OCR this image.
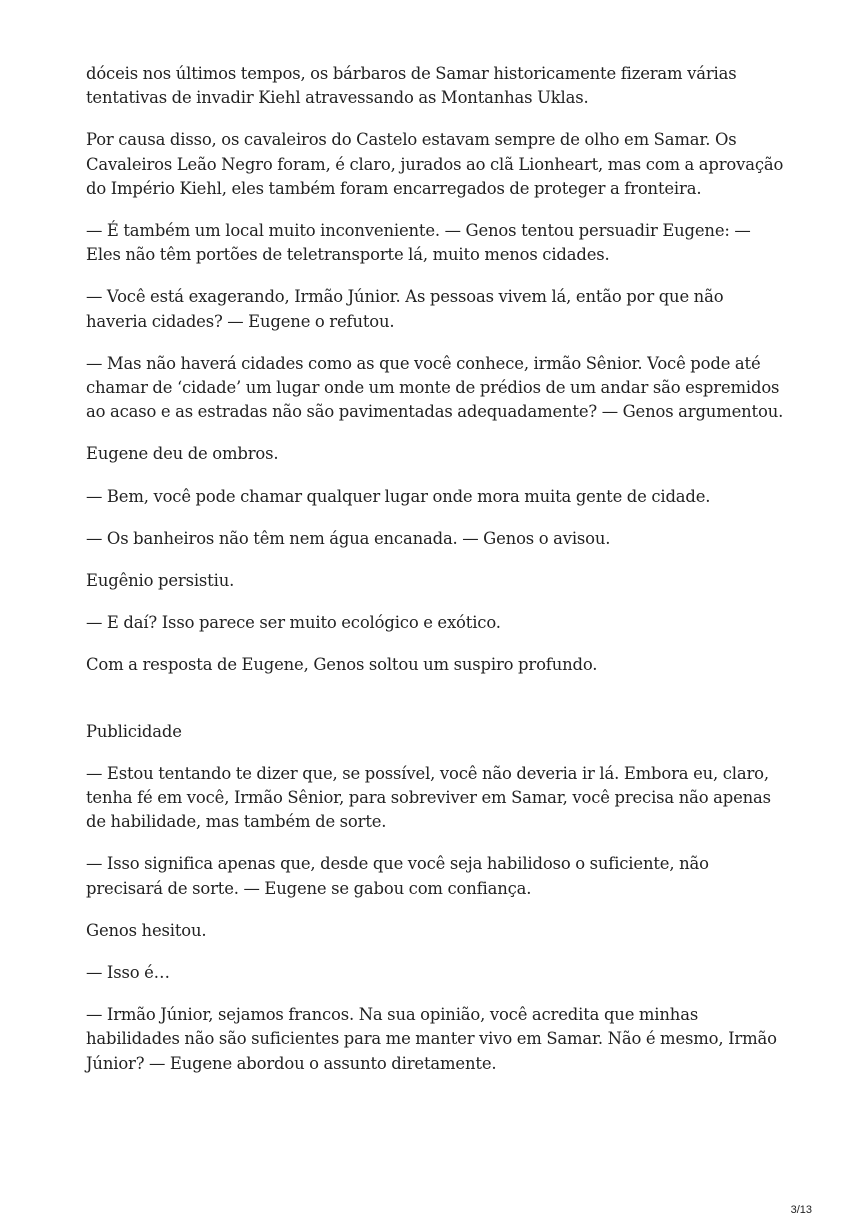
dóceis nos últimos tempos, os bárbaros de Samar historicamente fizeram várias tentativas de invadir Kiehl atravessando as Montanhas Uklas.

Por causa disso, os cavaleiros do Castelo estavam sempre de olho em Samar. Os Cavaleiros Leão Negro foram, é claro, jurados ao clã Lionheart, mas com a aprovação do Império Kiehl, eles também foram encarregados de proteger a fronteira.

— É também um local muito inconveniente. — Genos tentou persuadir Eugene: — Eles não têm portões de teletransporte lá, muito menos cidades.

— Você está exagerando, Irmão Júnior. As pessoas vivem lá, então por que não haveria cidades? — Eugene o refutou.

— Mas não haverá cidades como as que você conhece, irmão Sênior. Você pode até chamar de ‘cidade’ um lugar onde um monte de prédios de um andar são espremidos ao acaso e as estradas não são pavimentadas adequadamente? — Genos argumentou.

Eugene deu de ombros.

— Bem, você pode chamar qualquer lugar onde mora muita gente de cidade.

— Os banheiros não têm nem água encanada. — Genos o avisou.

Eugênio persistiu.

— E daí? Isso parece ser muito ecológico e exótico.

Com a resposta de Eugene, Genos soltou um suspiro profundo.

Publicidade

— Estou tentando te dizer que, se possível, você não deveria ir lá. Embora eu, claro, tenha fé em você, Irmão Sênior, para sobreviver em Samar, você precisa não apenas de habilidade, mas também de sorte.

— Isso significa apenas que, desde que você seja habilidoso o suficiente, não precisará de sorte. — Eugene se gabou com confiança.

Genos hesitou.

— Isso é…

— Irmão Júnior, sejamos francos. Na sua opinião, você acredita que minhas habilidades não são suficientes para me manter vivo em Samar. Não é mesmo, Irmão Júnior? — Eugene abordou o assunto diretamente.

3/13
